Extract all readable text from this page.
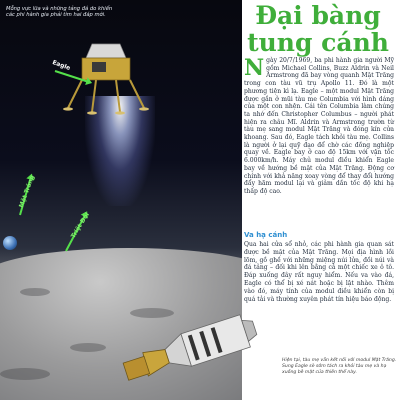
Mỗng vực lữa và những tảng đá do khiến các phi hành gia phải tìm hai đáp mới.
Eagle
Triệt Đối
Mặt Trăng
Hiện tại, tàu mẹ vẫn kết nối với modul Mặt Trăng. Sung Eagle sẽ sớm tách ra khỏi tàu mẹ và hạ xuống bề mặt của thiên thể này.
Đại bàng
tung cánh
Ngày 20/7/1969, ba phi hành gia người Mỹ gồm Michael Collins, Buzz Aldrin và Neil Armstrong đã bay vòng quanh Mặt Trăng trong con tàu vũ trụ Apollo 11. Đó là một phương tiện kì lạ. Eagle – một modul Mặt Trăng được gắn ở mũi tàu me Columbia với hình dáng của một con nhện. Cái tên Columbia làm chúng ta nhớ đến Christopher Columbus – người phát hiện ra châu Mĩ. Aldrin và Armstrong trườn từ tàu mẹ sang modul Mặt Trăng và đóng kín cửa khoang. Sau đó, Eagle tách khỏi tàu mẹ. Collins là người ở lại quỹ đạo để chờ các đồng nghiệp quay về. Eagle bay ở cao độ 15km với vận tốc 6.000km/h. Máy chủ modul điều khiển Eagle bay về hướng bề mặt của Mặt Trăng. Động cơ chính với khả năng xoay vòng để thay đổi hướng đẩy hãm modul lại và giảm dần tốc độ khi hạ thấp độ cao.
Va hạ cánh
Qua hai cửa sổ nhỏ, các phi hành gia quan sát được bề mặt của Mặt Trăng. Mọi địa hình lồi lõm, gồ ghề với những miệng núi lửa, đồi núi và đá tảng – đối khi lên bằng cả một chiếc xe ô tô. Đáp xuống đây rất nguy hiểm. Nếu va vào đá, Eagle có thể bị xé nát hoặc bị lật nhào. Thêm vào đó, máy tính của modul điều khiển còn bị quá tải và thường xuyên phát tín hiệu báo động.
